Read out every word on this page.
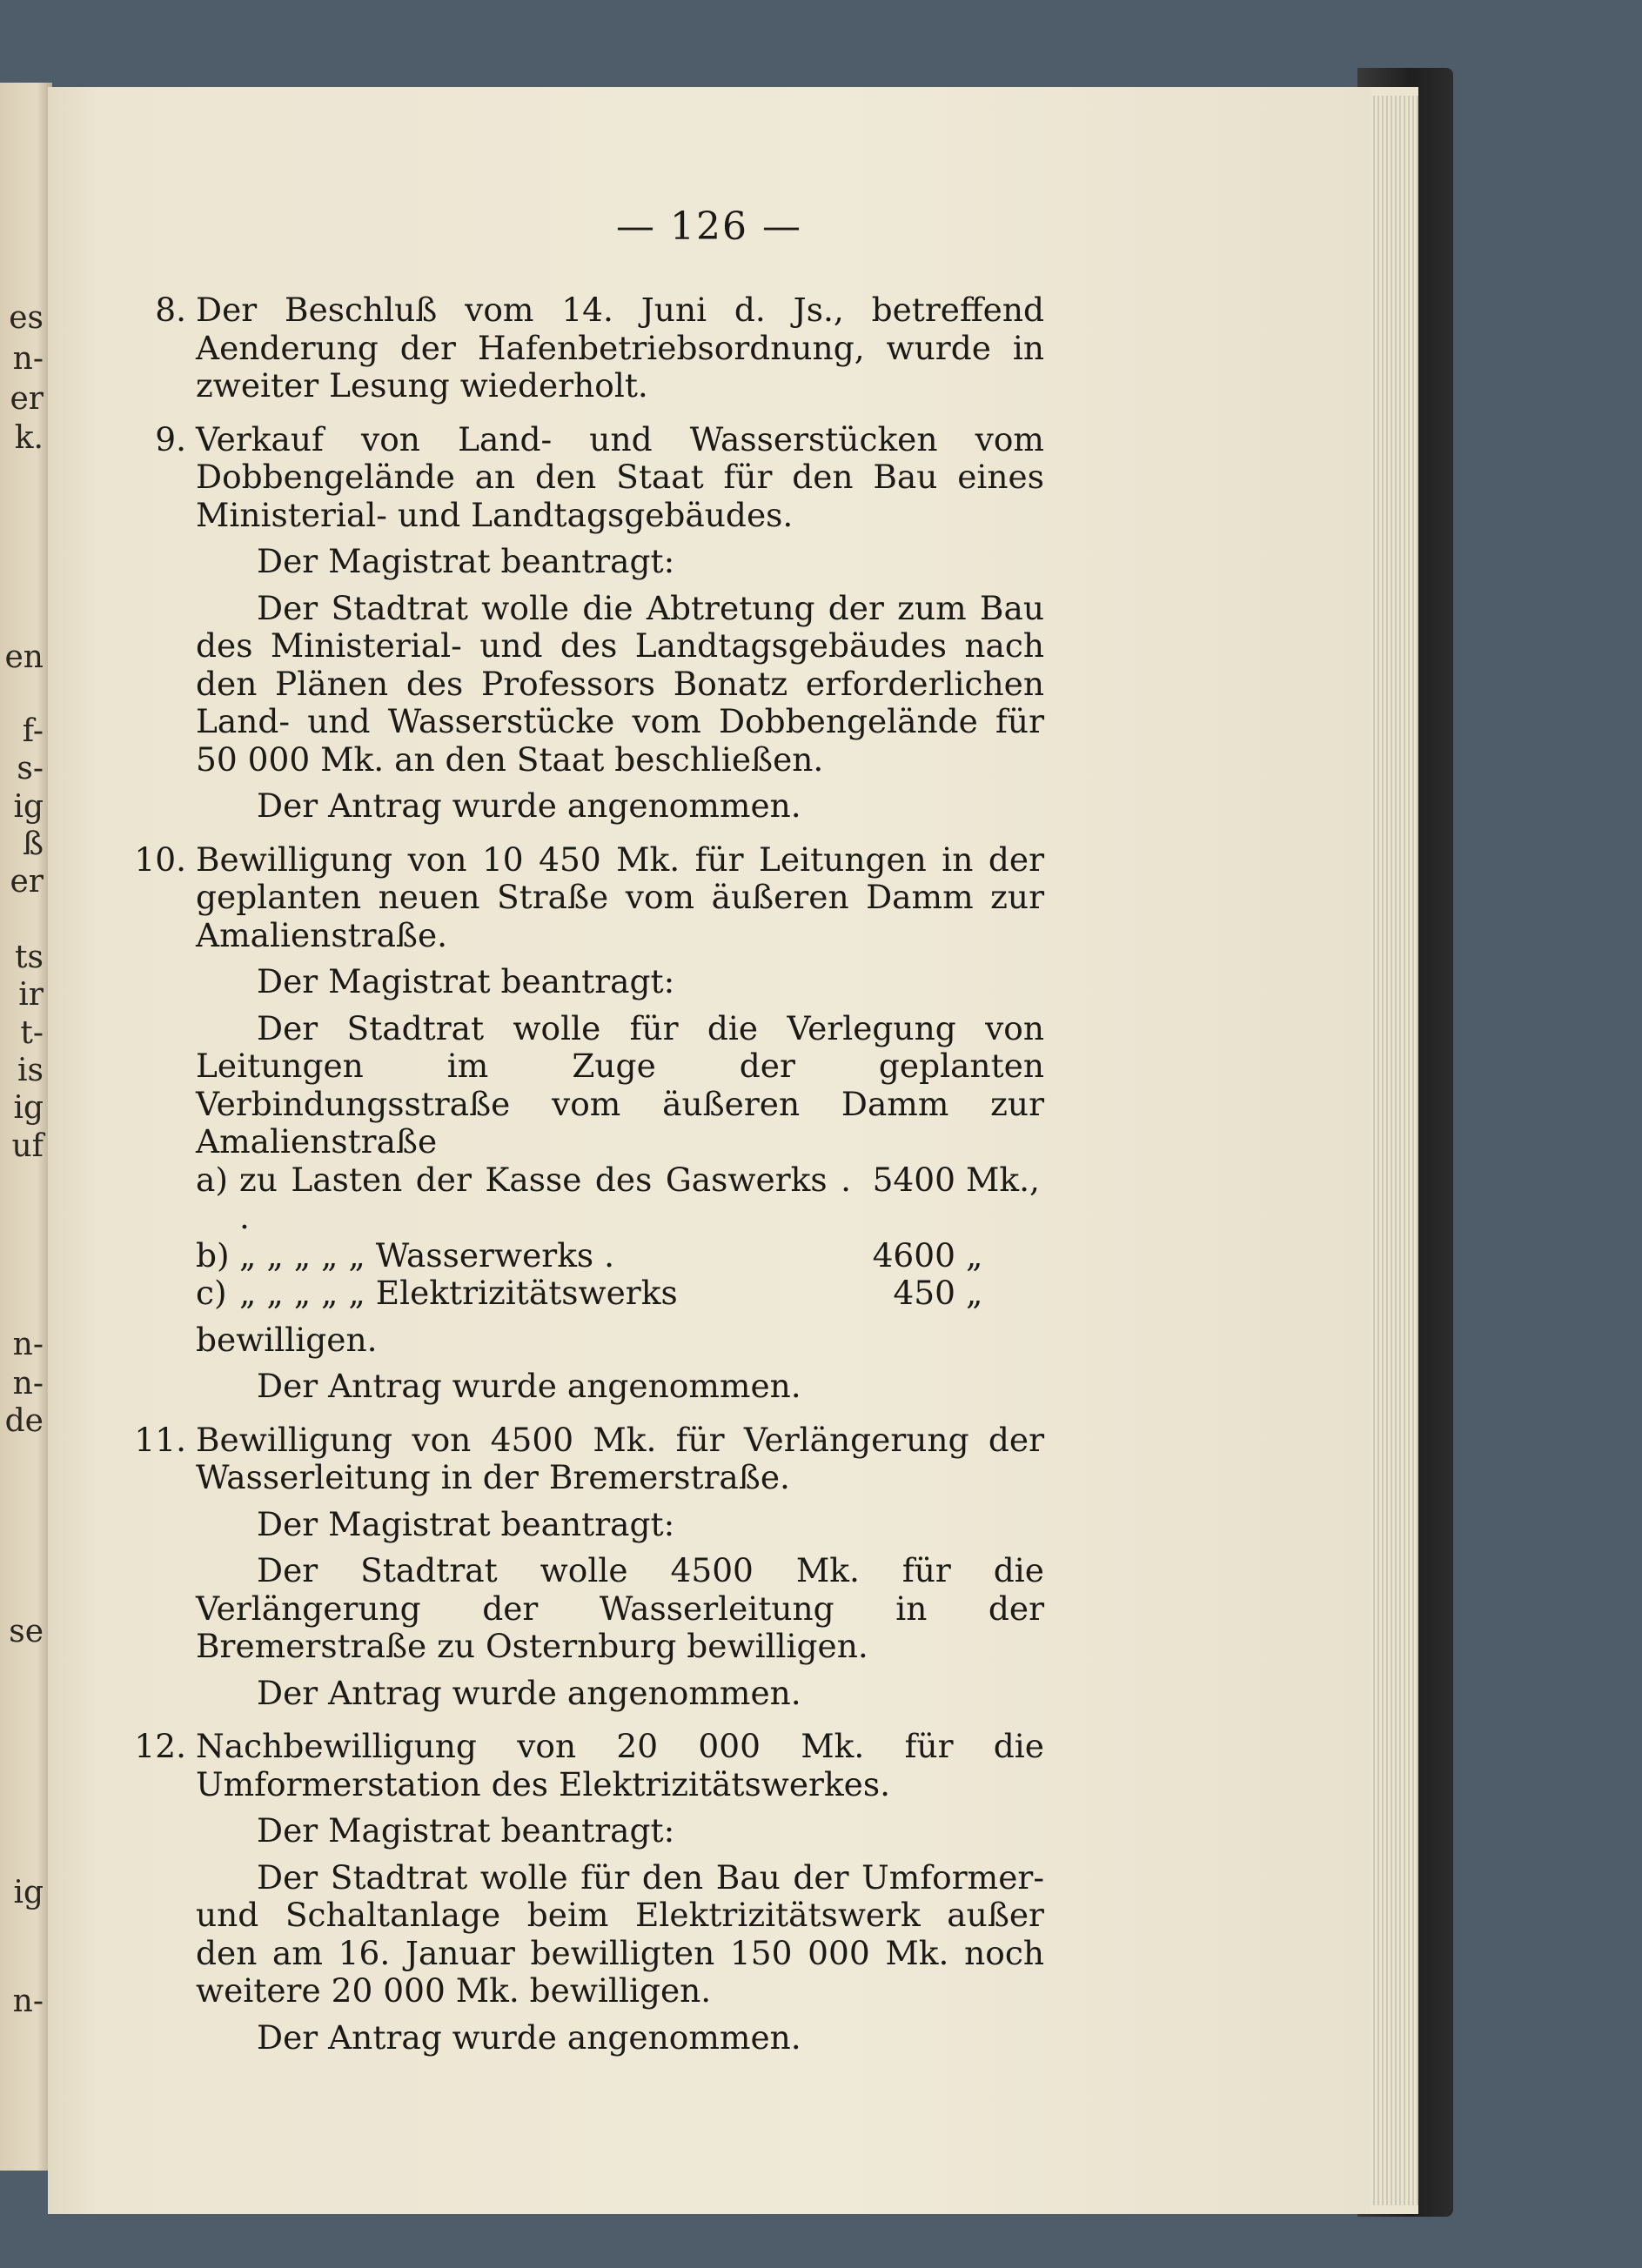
es
n-
er
k.
en
f-
s-
ig
ß
er
ts
ir
t-
is
ig
uf
n-
n-
de
se
ig
n-
— 126 —
8. Der Beschluß vom 14. Juni d. Js., betreffend Aenderung der Hafenbetriebsordnung, wurde in zweiter Lesung wiederholt.
9. Verkauf von Land- und Wasserstücken vom Dobbengelände an den Staat für den Bau eines Ministerial- und Landtagsgebäudes.
Der Magistrat beantragt:
Der Stadtrat wolle die Abtretung der zum Bau des Ministerial- und des Landtagsgebäudes nach den Plänen des Professors Bonatz erforderlichen Land- und Wasserstücke vom Dobbengelände für 50 000 Mk. an den Staat beschließen.
Der Antrag wurde angenommen.
10. Bewilligung von 10 450 Mk. für Leitungen in der geplanten neuen Straße vom äußeren Damm zur Amalienstraße.
Der Magistrat beantragt:
Der Stadtrat wolle für die Verlegung von Leitungen im Zuge der geplanten Verbindungsstraße vom äußeren Damm zur Amalienstraße
a) zu Lasten der Kasse des Gaswerks . .
5400 Mk.,
b) „ „ „ „ „ Wasserwerks .	4600 „
c) „ „ „ „ „ Elektrizitätswerks	450 „
bewilligen.
Der Antrag wurde angenommen.
11. Bewilligung von 4500 Mk. für Verlängerung der Wasserleitung in der Bremerstraße.
Der Magistrat beantragt:
Der Stadtrat wolle 4500 Mk. für die Verlängerung der Wasserleitung in der Bremerstraße zu Osternburg bewilligen.
Der Antrag wurde angenommen.
12. Nachbewilligung von 20 000 Mk. für die Umformerstation des Elektrizitätswerkes.
Der Magistrat beantragt:
Der Stadtrat wolle für den Bau der Umformer- und Schaltanlage beim Elektrizitätswerk außer den am 16. Januar bewilligten 150 000 Mk. noch weitere 20 000 Mk. bewilligen.
Der Antrag wurde angenommen.
